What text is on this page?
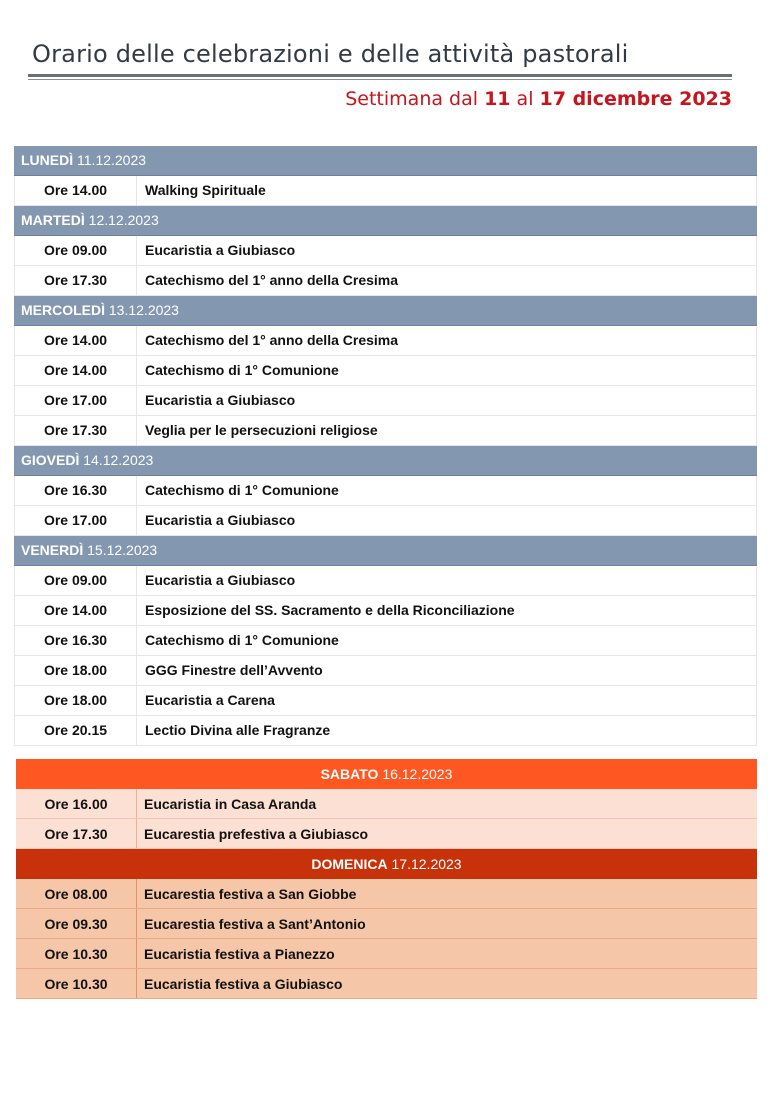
Orario delle celebrazioni e delle attività pastorali
Settimana dal 11 al 17 dicembre 2023
LUNEDÌ 11.12.2023
Ore 14.00	Walking Spirituale
MARTEDÌ 12.12.2023
Ore 09.00	Eucaristia a Giubiasco
Ore 17.30	Catechismo del 1° anno della Cresima
MERCOLEDÌ 13.12.2023
Ore 14.00	Catechismo del 1° anno della Cresima
Ore 14.00	Catechismo di 1° Comunione
Ore 17.00	Eucaristia a Giubiasco
Ore 17.30	Veglia per le persecuzioni religiose
GIOVEDÌ 14.12.2023
Ore 16.30	Catechismo di 1° Comunione
Ore 17.00	Eucaristia a Giubiasco
VENERDÌ 15.12.2023
Ore 09.00	Eucaristia a Giubiasco
Ore 14.00	Esposizione del SS. Sacramento e della Riconciliazione
Ore 16.30	Catechismo di 1° Comunione
Ore 18.00	GGG Finestre dell’Avvento
Ore 18.00	Eucaristia a Carena
Ore 20.15	Lectio Divina alle Fragranze
SABATO 16.12.2023
Ore 16.00	Eucaristia in Casa Aranda
Ore 17.30	Eucarestia prefestiva a Giubiasco
DOMENICA 17.12.2023
Ore 08.00	Eucarestia festiva a San Giobbe
Ore 09.30	Eucarestia festiva a Sant’Antonio
Ore 10.30	Eucaristia festiva a Pianezzo
Ore 10.30	Eucaristia festiva a Giubiasco
